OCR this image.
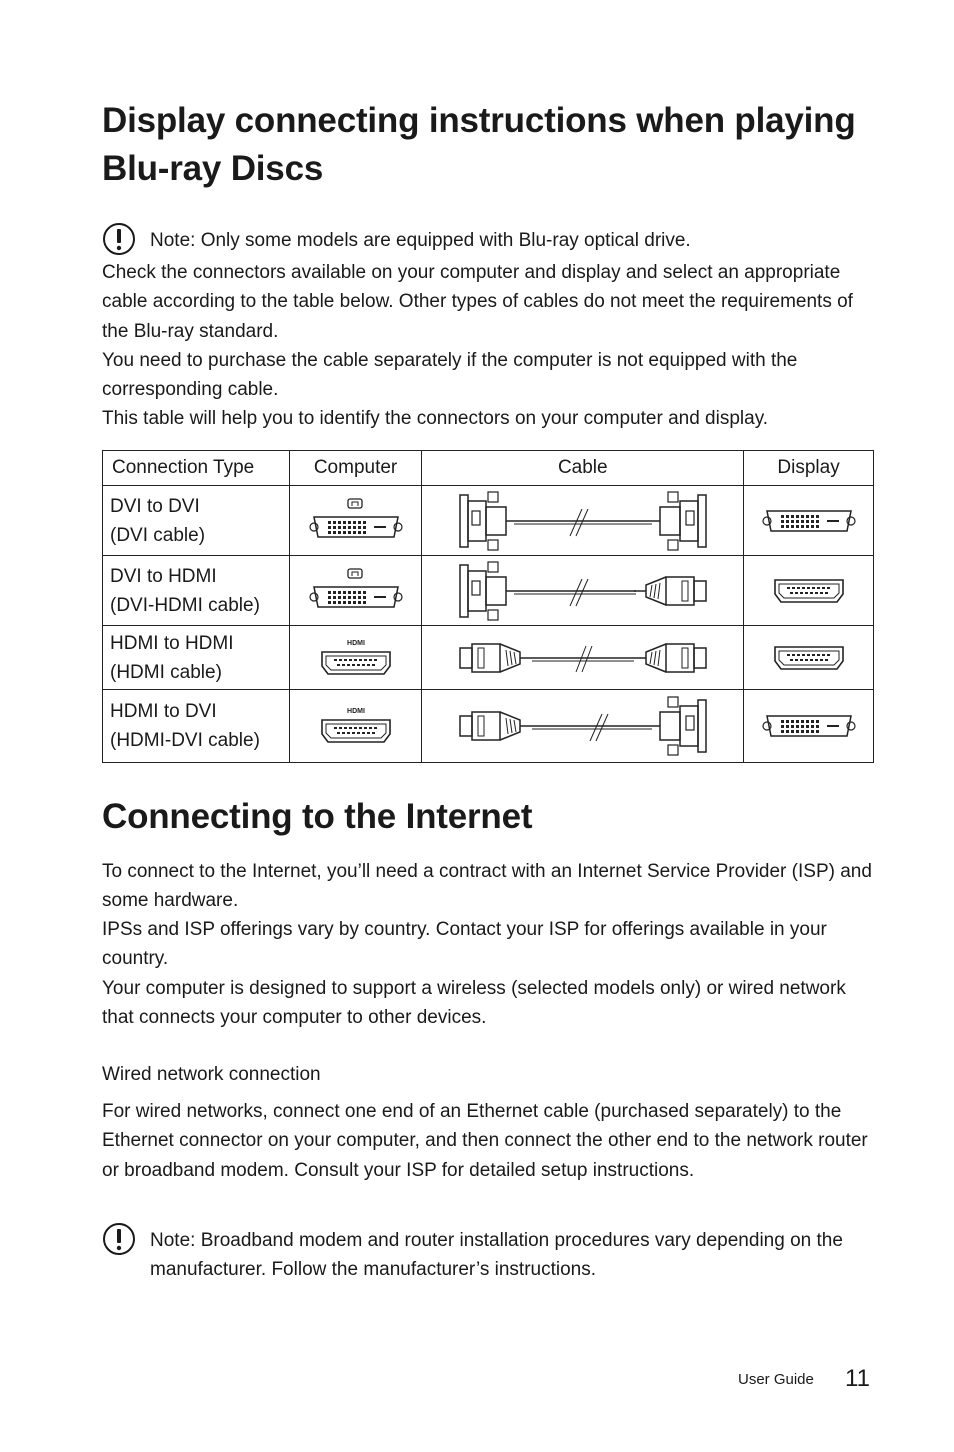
Display connecting instructions when playing Blu-ray Discs
Note: Only some models are equipped with Blu-ray optical drive.

Check the connectors available on your computer and display and select an appropriate cable according to the table below. Other types of cables do not meet the requirements of the Blu-ray standard.

You need to purchase the cable separately if the computer is not equipped with the corresponding cable.

This table will help you to identify the connectors on your computer and display.

Connection Type	Computer	Cable	Display

DVI to DVI
(DVI cable)

DVI to HDMI
(DVI-HDMI cable)

HDMI to HDMI
(HDMI cable)

HDMI to DVI
(HDMI-DVI cable)

Connecting to the Internet

To connect to the Internet, you’ll need a contract with an Internet Service Provider (ISP) and some hardware.

IPSs and ISP offerings vary by country. Contact your ISP for offerings available in your country.

Your computer is designed to support a wireless (selected models only) or wired network that connects your computer to other devices.

Wired network connection

For wired networks, connect one end of an Ethernet cable (purchased separately) to the Ethernet connector on your computer, and then connect the other end to the network router or broadband modem. Consult your ISP for detailed setup instructions.

Note: Broadband modem and router installation procedures vary depending on the manufacturer. Follow the manufacturer’s instructions.
User Guide 11
